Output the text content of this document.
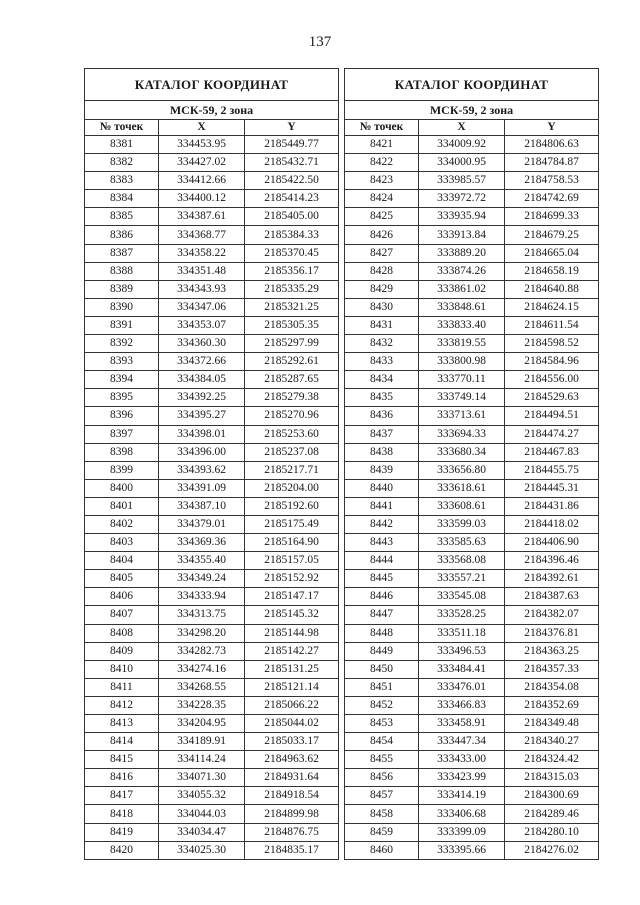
137
КАТАЛОГ КООРДИНАТ		
МСК-59, 2 зона		
№ точек	X	Y
8381	334453.95	2185449.77
8382	334427.02	2185432.71
8383	334412.66	2185422.50
8384	334400.12	2185414.23
8385	334387.61	2185405.00
8386	334368.77	2185384.33
8387	334358.22	2185370.45
8388	334351.48	2185356.17
8389	334343.93	2185335.29
8390	334347.06	2185321.25
8391	334353.07	2185305.35
8392	334360.30	2185297.99
8393	334372.66	2185292.61
8394	334384.05	2185287.65
8395	334392.25	2185279.38
8396	334395.27	2185270.96
8397	334398.01	2185253.60
8398	334396.00	2185237.08
8399	334393.62	2185217.71
8400	334391.09	2185204.00
8401	334387.10	2185192.60
8402	334379.01	2185175.49
8403	334369.36	2185164.90
8404	334355.40	2185157.05
8405	334349.24	2185152.92
8406	334333.94	2185147.17
8407	334313.75	2185145.32
8408	334298.20	2185144.98
8409	334282.73	2185142.27
8410	334274.16	2185131.25
8411	334268.55	2185121.14
8412	334228.35	2185066.22
8413	334204.95	2185044.02
8414	334189.91	2185033.17
8415	334114.24	2184963.62
8416	334071.30	2184931.64
8417	334055.32	2184918.54
8418	334044.03	2184899.98
8419	334034.47	2184876.75
8420	334025.30	2184835.17
КАТАЛОГ КООРДИНАТ		
МСК-59, 2 зона		
№ точек	X	Y
8421	334009.92	2184806.63
8422	334000.95	2184784.87
8423	333985.57	2184758.53
8424	333972.72	2184742.69
8425	333935.94	2184699.33
8426	333913.84	2184679.25
8427	333889.20	2184665.04
8428	333874.26	2184658.19
8429	333861.02	2184640.88
8430	333848.61	2184624.15
8431	333833.40	2184611.54
8432	333819.55	2184598.52
8433	333800.98	2184584.96
8434	333770.11	2184556.00
8435	333749.14	2184529.63
8436	333713.61	2184494.51
8437	333694.33	2184474.27
8438	333680.34	2184467.83
8439	333656.80	2184455.75
8440	333618.61	2184445.31
8441	333608.61	2184431.86
8442	333599.03	2184418.02
8443	333585.63	2184406.90
8444	333568.08	2184396.46
8445	333557.21	2184392.61
8446	333545.08	2184387.63
8447	333528.25	2184382.07
8448	333511.18	2184376.81
8449	333496.53	2184363.25
8450	333484.41	2184357.33
8451	333476.01	2184354.08
8452	333466.83	2184352.69
8453	333458.91	2184349.48
8454	333447.34	2184340.27
8455	333433.00	2184324.42
8456	333423.99	2184315.03
8457	333414.19	2184300.69
8458	333406.68	2184289.46
8459	333399.09	2184280.10
8460	333395.66	2184276.02
